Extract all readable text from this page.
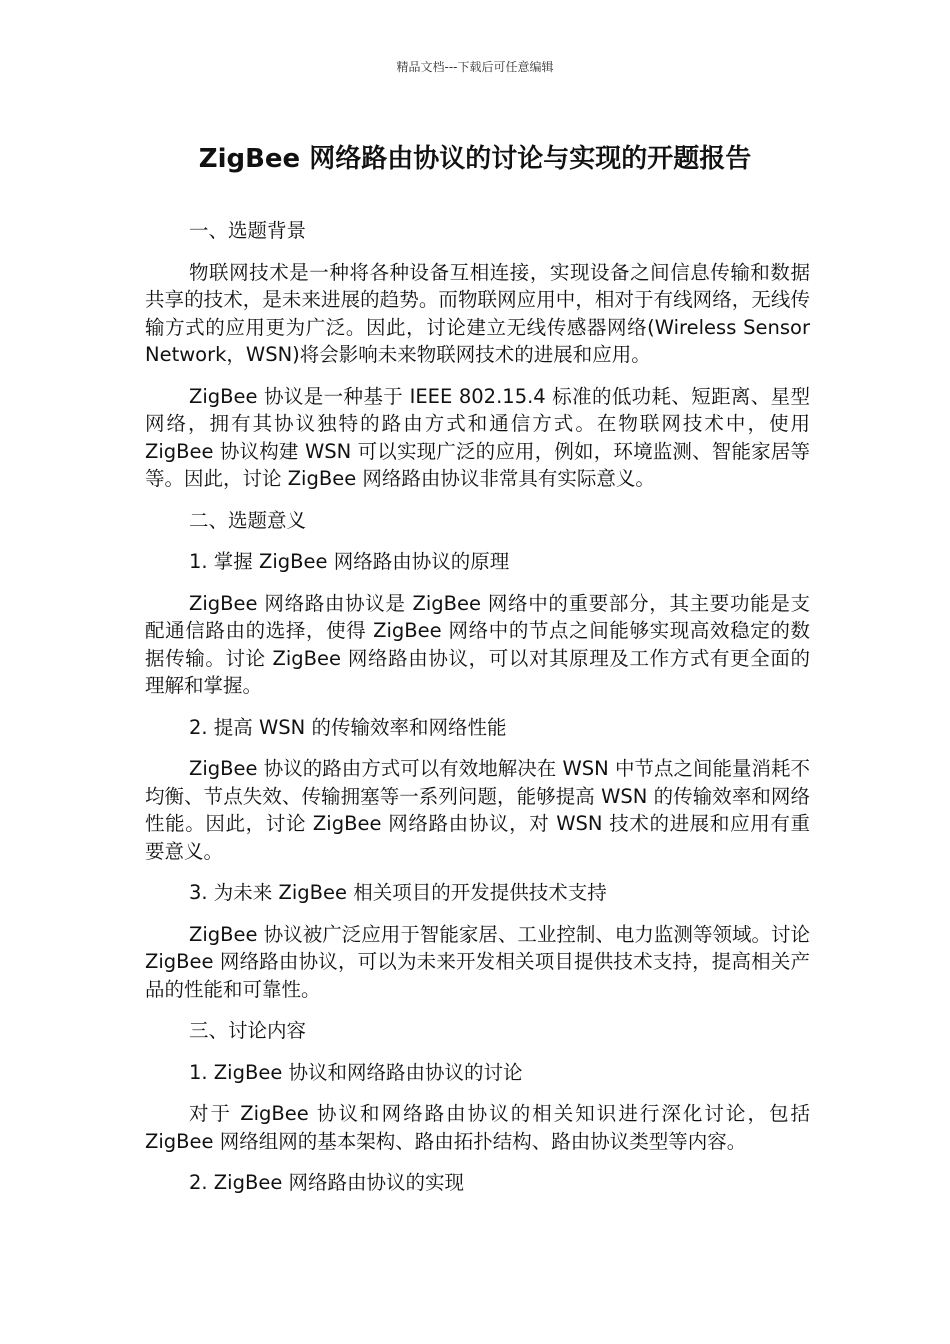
精品文档---下载后可任意编辑
ZigBee 网络路由协议的讨论与实现的开题报告

一、选题背景

物联网技术是一种将各种设备互相连接，实现设备之间信息传输和数据共享的技术，是未来进展的趋势。而物联网应用中，相对于有线网络，无线传输方式的应用更为广泛。因此，讨论建立无线传感器网络(Wireless Sensor Network，WSN)将会影响未来物联网技术的进展和应用。

ZigBee 协议是一种基于 IEEE 802.15.4 标准的低功耗、短距离、星型网络，拥有其协议独特的路由方式和通信方式。在物联网技术中，使用 ZigBee 协议构建 WSN 可以实现广泛的应用，例如，环境监测、智能家居等等。因此，讨论 ZigBee 网络路由协议非常具有实际意义。

二、选题意义

1. 掌握 ZigBee 网络路由协议的原理

ZigBee 网络路由协议是 ZigBee 网络中的重要部分，其主要功能是支配通信路由的选择，使得 ZigBee 网络中的节点之间能够实现高效稳定的数据传输。讨论 ZigBee 网络路由协议，可以对其原理及工作方式有更全面的理解和掌握。

2. 提高 WSN 的传输效率和网络性能

ZigBee 协议的路由方式可以有效地解决在 WSN 中节点之间能量消耗不均衡、节点失效、传输拥塞等一系列问题，能够提高 WSN 的传输效率和网络性能。因此，讨论 ZigBee 网络路由协议，对 WSN 技术的进展和应用有重要意义。

3. 为未来 ZigBee 相关项目的开发提供技术支持

ZigBee 协议被广泛应用于智能家居、工业控制、电力监测等领域。讨论 ZigBee 网络路由协议，可以为未来开发相关项目提供技术支持，提高相关产品的性能和可靠性。

三、讨论内容

1. ZigBee 协议和网络路由协议的讨论

对于 ZigBee 协议和网络路由协议的相关知识进行深化讨论，包括 ZigBee 网络组网的基本架构、路由拓扑结构、路由协议类型等内容。

2. ZigBee 网络路由协议的实现
